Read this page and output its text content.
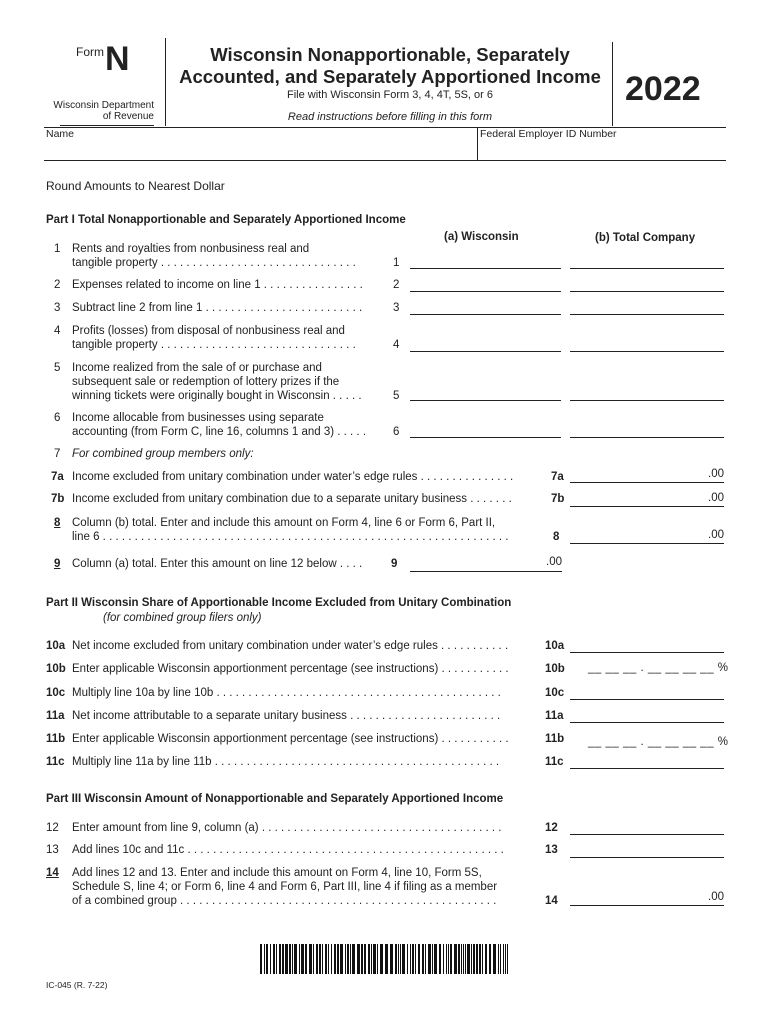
Form N
Wisconsin Department
of Revenue
Wisconsin Nonapportionable, Separately
Accounted, and Separately Apportioned Income
File with Wisconsin Form 3, 4, 4T, 5S, or 6
Read instructions before filling in this form
2022
Name	Federal Employer ID Number
Round Amounts to Nearest Dollar
Part I Total Nonapportionable and Separately Apportioned Income
(a) Wisconsin	(b) Total Company
1 Rents and royalties from nonbusiness real and
tangible property . . . . . . . . . . . . . . . . . . . . . . . . . . . . . . .	1
2 Expenses related to income on line 1 . . . . . . . . . . . . . . . .	2
3 Subtract line 2 from line 1 . . . . . . . . . . . . . . . . . . . . . . . . .	3
4 Profits (losses) from disposal of nonbusiness real and
tangible property . . . . . . . . . . . . . . . . . . . . . . . . . . . . . . .	4
5 Income realized from the sale of or purchase and
subsequent sale or redemption of lottery prizes if the
winning tickets were originally bought in Wisconsin . . . . .	5
6 Income allocable from businesses using separate
accounting (from Form C, line 16, columns 1 and 3) . . . . . 6
7 For combined group members only:
7a Income excluded from unitary combination under water’s edge rules . . . . . . . . . . . . . . .	7a	.00
7b Income excluded from unitary combination due to a separate unitary business . . . . . . .	7b	.00
8 Column (b) total. Enter and include this amount on Form 4, line 6 or Form 6, Part II,
line 6 . . . . . . . . . . . . . . . . . . . . . . . . . . . . . . . . . . . . . . . . . . . . . . . . . . . . . . . . . . . . . . . .	8	.00
9 Column (a) total. Enter this amount on line 12 below . . . .	9	.00
Part II Wisconsin Share of Apportionable Income Excluded from Unitary Combination
(for combined group filers only)
10a Net income excluded from unitary combination under water’s edge rules . . . . . . . . . . .	10a
10b Enter applicable Wisconsin apportionment percentage (see instructions) . . . . . . . . . . .	10b __ __ __ . __ __ __ __ %
10c Multiply line 10a by line 10b . . . . . . . . . . . . . . . . . . . . . . . . . . . . . . . . . . . . . . . . . . . . .	10c
11a Net income attributable to a separate unitary business . . . . . . . . . . . . . . . . . . . . . . . .	11a
11b Enter applicable Wisconsin apportionment percentage (see instructions) . . . . . . . . . . .	11b __ __ __ . __ __ __ __ %
11c Multiply line 11a by line 11b . . . . . . . . . . . . . . . . . . . . . . . . . . . . . . . . . . . . . . . . . . . . .	11c
Part III Wisconsin Amount of Nonapportionable and Separately Apportioned Income
12 Enter amount from line 9, column (a) . . . . . . . . . . . . . . . . . . . . . . . . . . . . . . . . . . . . . .	12
13 Add lines 10c and 11c . . . . . . . . . . . . . . . . . . . . . . . . . . . . . . . . . . . . . . . . . . . . . . . . . .	13
14 Add lines 12 and 13. Enter and include this amount on Form 4, line 10, Form 5S,
Schedule S, line 4; or Form 6, line 4 and Form 6, Part III, line 4 if filing as a member
of a combined group . . . . . . . . . . . . . . . . . . . . . . . . . . . . . . . . . . . . . . . . . . . . . . . . . .	14	.00
IC-045 (R. 7-22)
